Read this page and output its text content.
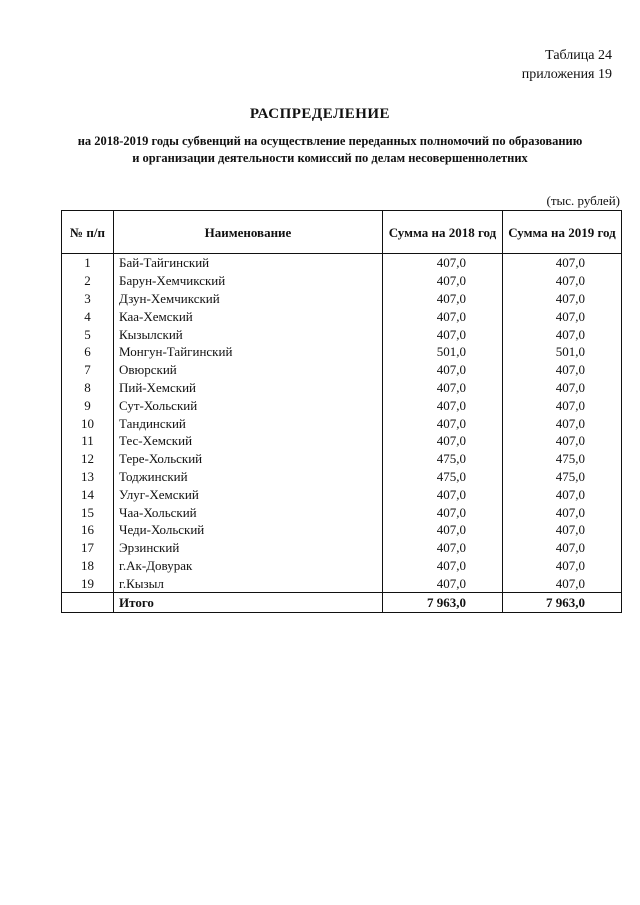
Таблица 24
приложения 19
РАСПРЕДЕЛЕНИЕ
на 2018-2019 годы субвенций на осуществление переданных полномочий по образованию
и организации деятельности комиссий по делам несовершеннолетних
(тыс. рублей)
№ п/п	Наименование	Сумма на 2018 год	Сумма на 2019 год
1	Бай-Тайгинский	407,0	407,0
2	Барун-Хемчикский	407,0	407,0
3	Дзун-Хемчикский	407,0	407,0
4	Каа-Хемский	407,0	407,0
5	Кызылский	407,0	407,0
6	Монгун-Тайгинский	501,0	501,0
7	Овюрский	407,0	407,0
8	Пий-Хемский	407,0	407,0
9	Сут-Хольский	407,0	407,0
10	Тандинский	407,0	407,0
11	Тес-Хемский	407,0	407,0
12	Тере-Хольский	475,0	475,0
13	Тоджинский	475,0	475,0
14	Улуг-Хемский	407,0	407,0
15	Чаа-Хольский	407,0	407,0
16	Чеди-Хольский	407,0	407,0
17	Эрзинский	407,0	407,0
18	г.Ак-Довурак	407,0	407,0
19	г.Кызыл	407,0	407,0
	Итого	7 963,0	7 963,0
